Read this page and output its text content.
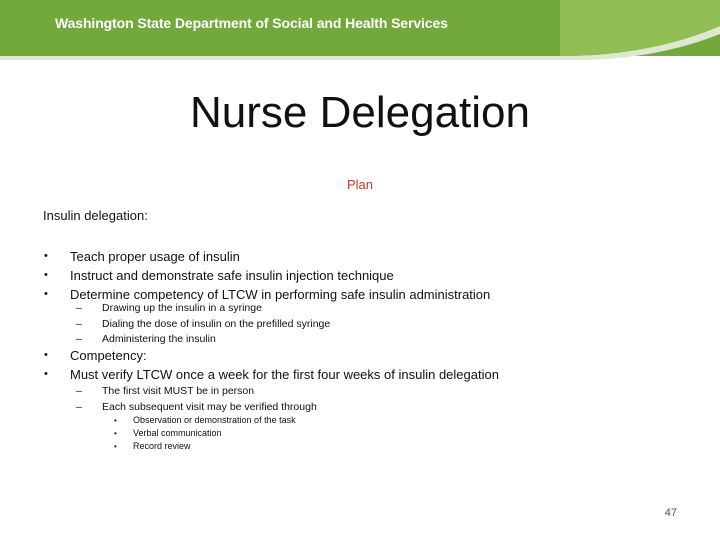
Washington State Department of Social and Health Services
Nurse Delegation
Plan
Insulin delegation:
• Teach proper usage of insulin
• Instruct and demonstrate safe insulin injection technique
• Determine competency of LTCW in performing safe insulin administration
– Drawing up the insulin in a syringe
– Dialing the dose of insulin on the prefilled syringe
– Administering the insulin
• Competency:
• Must verify LTCW once a week for the first four weeks of insulin delegation
– The first visit MUST be in person
– Each subsequent visit may be verified through
• Observation or demonstration of the task
• Verbal communication
• Record review
47
